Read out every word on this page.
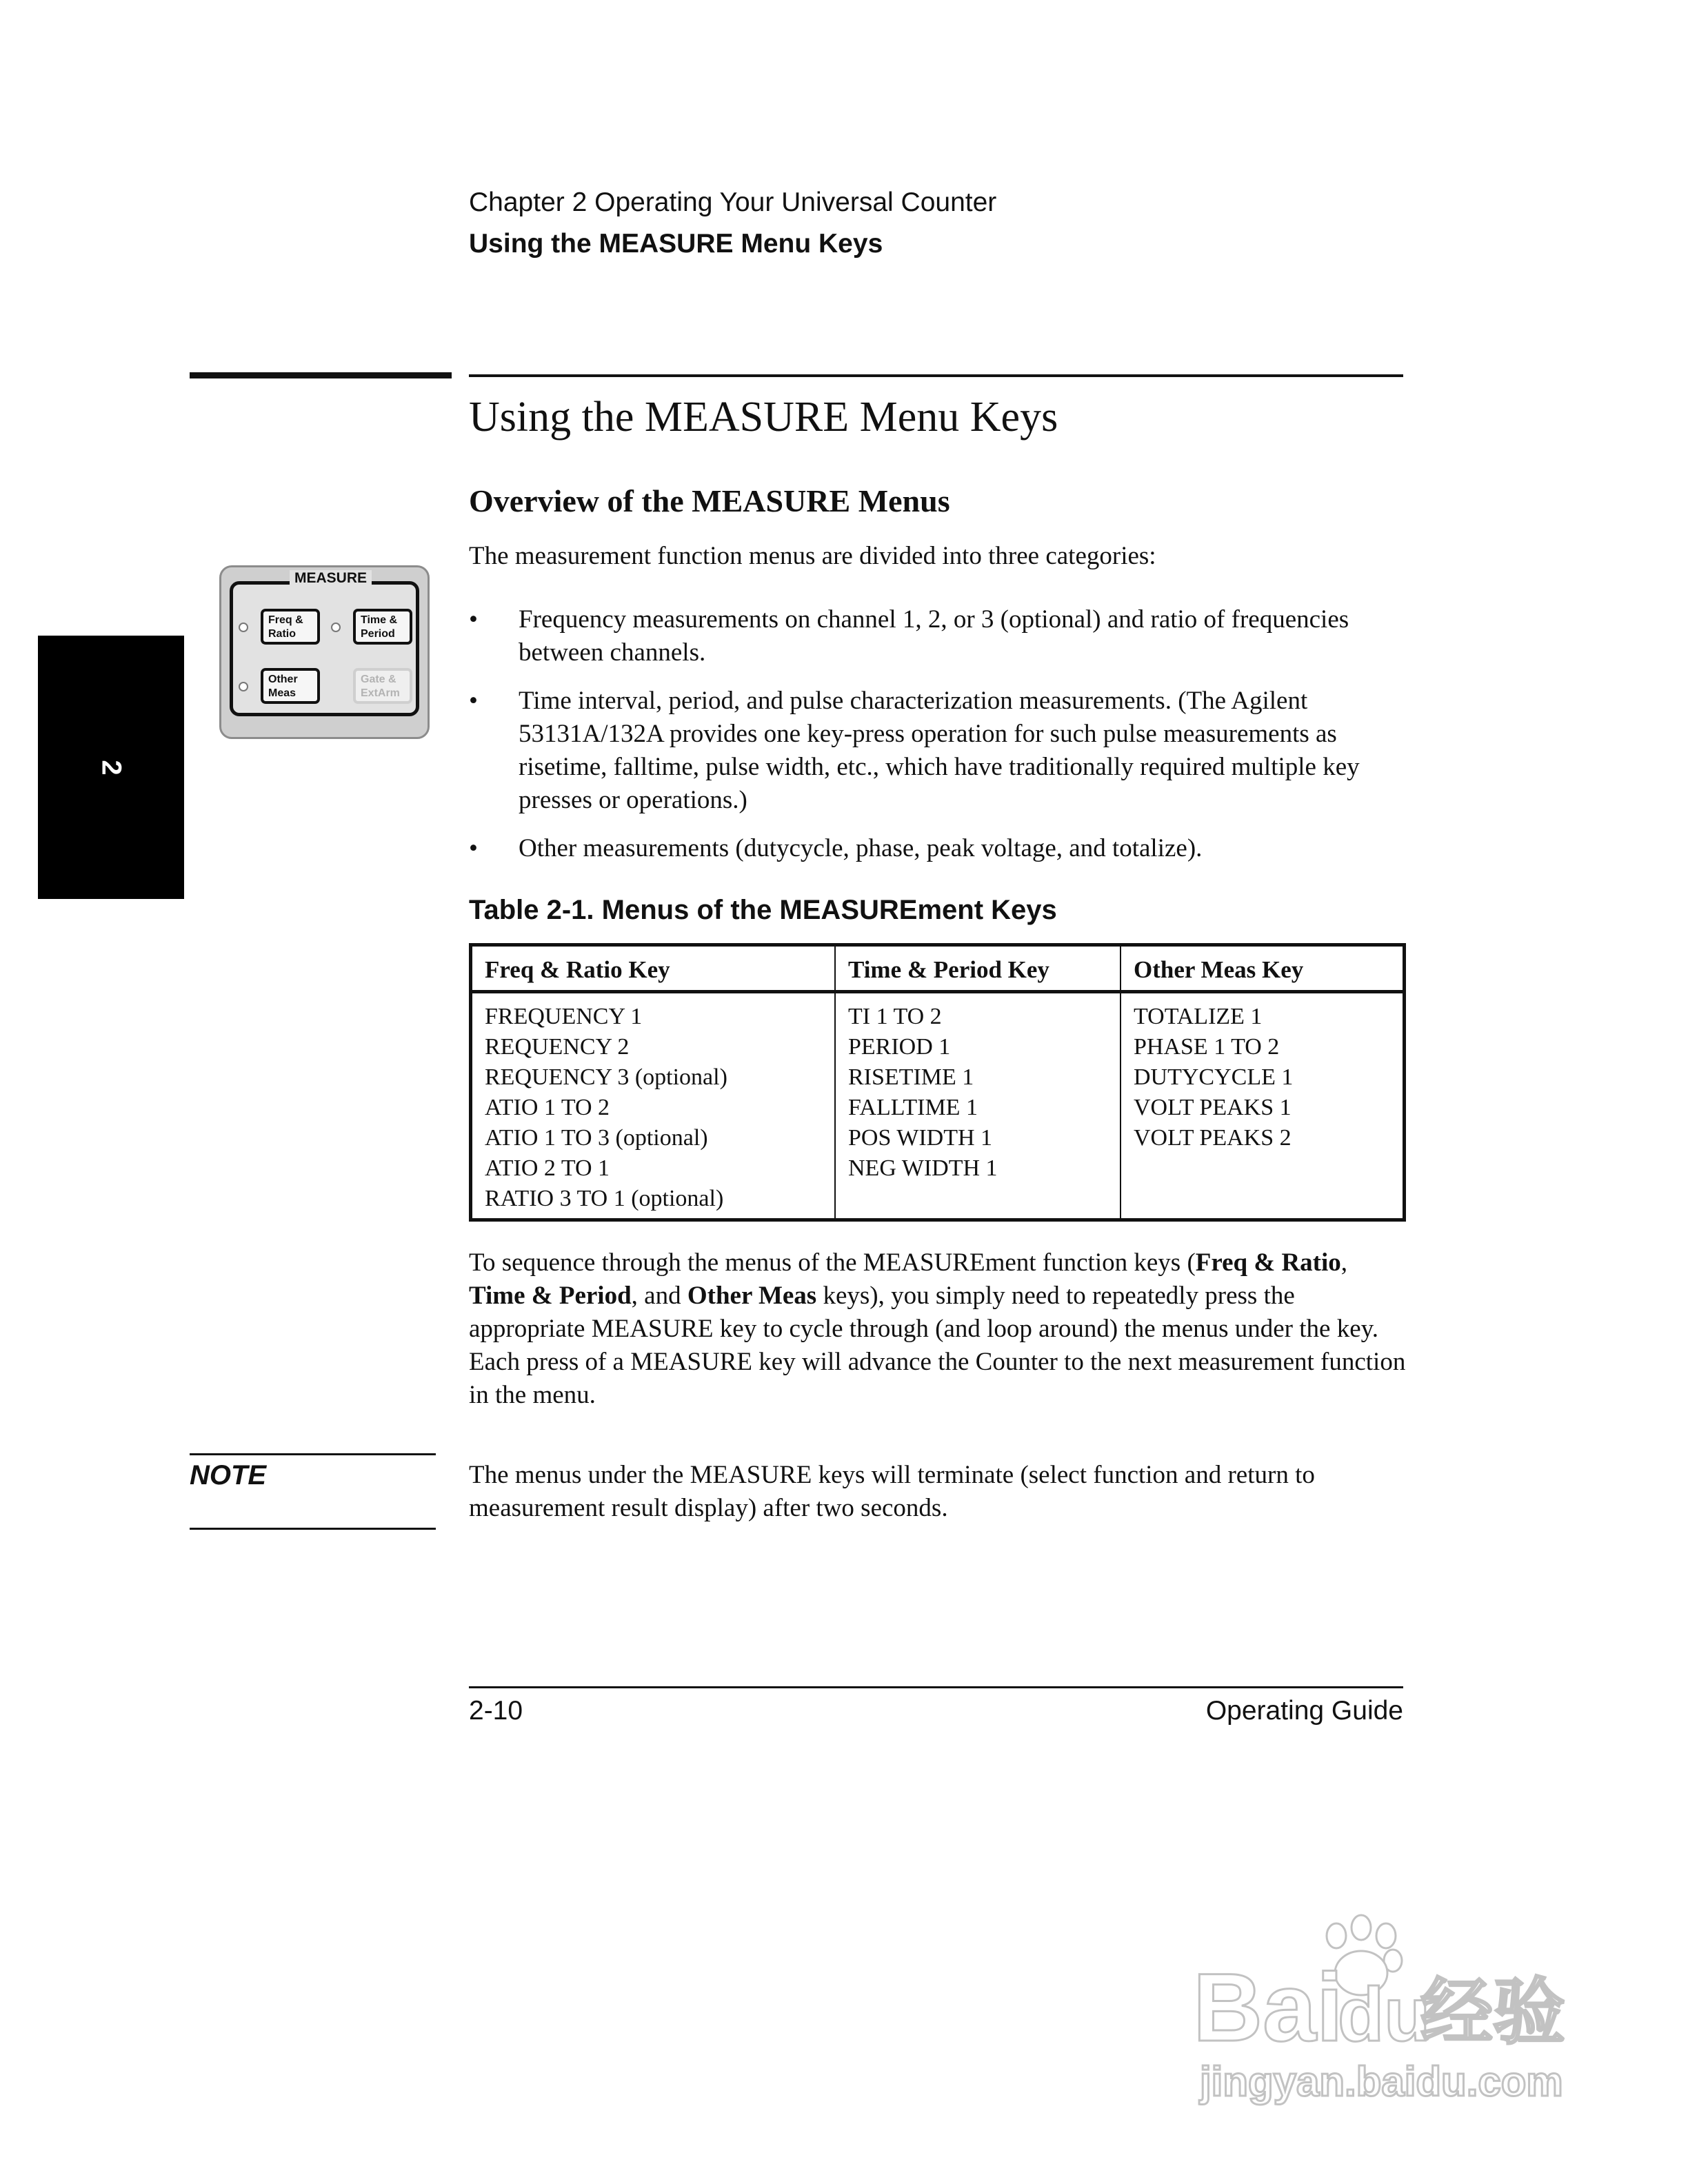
Chapter 2 Operating Your Universal Counter
Using the MEASURE Menu Keys
2
MEASURE
Freq &
Ratio
Time &
Period
Other
Meas
Gate &
ExtArm
Using the MEASURE Menu Keys
Overview of the MEASURE Menus
The measurement function menus are divided into three categories:
• Frequency measurements on channel 1, 2, or 3 (optional) and ratio of frequencies between channels.
• Time interval, period, and pulse characterization measurements. (The Agilent 53131A/132A provides one key-press operation for such pulse measurements as risetime, falltime, pulse width, etc., which have traditionally required multiple key presses or operations.)
• Other measurements (dutycycle, phase, peak voltage, and totalize).
Table 2-1. Menus of the MEASUREment Keys
Freq & Ratio Key
FREQUENCY 1
REQUENCY 2
REQUENCY 3 (optional)
ATIO 1 TO 2
ATIO 1 TO 3 (optional)
ATIO 2 TO 1
RATIO 3 TO 1 (optional)
Time & Period Key
TI 1 TO 2
PERIOD 1
RISETIME 1
FALLTIME 1
POS WIDTH 1
NEG WIDTH 1
Other Meas Key
TOTALIZE 1
PHASE 1 TO 2
DUTYCYCLE 1
VOLT PEAKS 1
VOLT PEAKS 2
To sequence through the menus of the MEASUREment function keys (Freq & Ratio, Time & Period, and Other Meas keys), you simply need to repeatedly press the appropriate MEASURE key to cycle through (and loop around) the menus under the key. Each press of a MEASURE key will advance the Counter to the next measurement function in the menu.
NOTE	The menus under the MEASURE keys will terminate (select function and return to measurement result display) after two seconds.
2-10	Operating Guide
Bai
du
经验
jingyan.baidu.com
